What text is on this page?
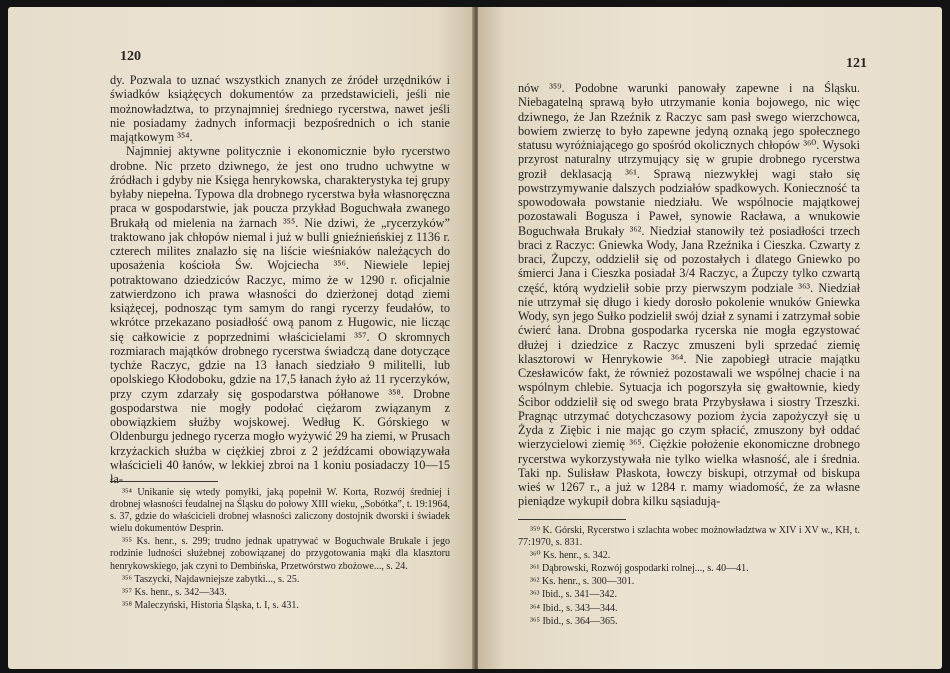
120

dy. Pozwala to uznać wszystkich znanych ze źródeł urzędników i świadków książęcych dokumentów za przedstawicieli, jeśli nie możnowładztwa, to przynajmniej średniego rycerstwa, nawet jeśli nie posiadamy żadnych informacji bezpośrednich o ich stanie majątkowym ³⁵⁴.

Najmniej aktywne politycznie i ekonomicznie było rycerstwo drobne. Nic przeto dziwnego, że jest ono trudno uchwytne w źródłach i gdyby nie Księga henrykowska, charakterystyka tej grupy byłaby niepełna. Typowa dla drobnego rycerstwa była własnoręczna praca w gospodarstwie, jak poucza przykład Boguchwała zwanego Brukałą od mielenia na żarnach ³⁵⁵. Nie dziwi, że „rycerzyków” traktowano jak chłopów niemal i już w bulli gnieźnieńskiej z 1136 r. czterech milites znalazło się na liście wieśniaków należących do uposażenia kościoła Św. Wojciecha ³⁵⁶. Niewiele lepiej potraktowano dziedziców Raczyc, mimo że w 1290 r. oficjalnie zatwierdzono ich prawa własności do dzierżonej dotąd ziemi książęcej, podnosząc tym samym do rangi rycerzy feudałów, to wkrótce przekazano posiadłość ową panom z Hugowic, nie licząc się całkowicie z poprzednimi właścicielami ³⁵⁷. O skromnych rozmiarach majątków drobnego rycerstwa świadczą dane dotyczące tychże Raczyc, gdzie na 13 łanach siedziało 9 militelli, lub opolskiego Kłodoboku, gdzie na 17,5 łanach żyło aż 11 rycerzyków, przy czym zdarzały się gospodarstwa półłanowe ³⁵⁸. Drobne gospodarstwa nie mogły podołać ciężarom związanym z obowiązkiem służby wojskowej. Według K. Górskiego w Oldenburgu jednego rycerza mogło wyżywić 29 ha ziemi, w Prusach krzyżackich służba w ciężkiej zbroi z 2 jeźdźcami obowiązywała właścicieli 40 łanów, w lekkiej zbroi na 1 koniu posiadaczy 10—15 ła-

³⁵⁴ Unikanie się wtedy pomyłki, jaką popełnił W. Korta, Rozwój średniej i drobnej własności feudalnej na Śląsku do połowy XIII wieku, „Sobótka”, t. 19:1964, s. 37, gdzie do właścicieli drobnej własności zaliczony dostojnik dworski i świadek wielu dokumentów Desprin.
³⁵⁵ Ks. henr., s. 299; trudno jednak upatrywać w Boguchwale Brukale i jego rodzinie ludności służebnej zobowiązanej do przygotowania mąki dla klasztoru henrykowskiego, jak czyni to Dembińska, Przetwórstwo zbożowe..., s. 24.
³⁵⁶ Taszycki, Najdawniejsze zabytki..., s. 25.
³⁵⁷ Ks. henr., s. 342—343.
³⁵⁸ Maleczyński, Historia Śląska, t. I, s. 431.
121

nów ³⁵⁹. Podobne warunki panowały zapewne i na Śląsku. Niebagatelną sprawą było utrzymanie konia bojowego, nic więc dziwnego, że Jan Rzeźnik z Raczyc sam pasł swego wierzchowca, bowiem zwierzę to było zapewne jedyną oznaką jego społecznego statusu wyróżniającego go spośród okolicznych chłopów ³⁶⁰. Wysoki przyrost naturalny utrzymujący się w grupie drobnego rycerstwa groził deklasacją ³⁶¹. Sprawą niezwykłej wagi stało się powstrzymywanie dalszych podziałów spadkowych. Konieczność ta spowodowała powstanie niedziału. We wspólnocie majątkowej pozostawali Bogusza i Paweł, synowie Racława, a wnukowie Boguchwała Brukały ³⁶². Niedział stanowiły też posiadłości trzech braci z Raczyc: Gniewka Wody, Jana Rzeźnika i Cieszka. Czwarty z braci, Żupczy, oddzielił się od pozostałych i dlatego Gniewko po śmierci Jana i Cieszka posiadał 3/4 Raczyc, a Żupczy tylko czwartą część, którą wydzielił sobie przy pierwszym podziale ³⁶³. Niedział nie utrzymał się długo i kiedy dorosło pokolenie wnuków Gniewka Wody, syn jego Sułko podzielił swój dział z synami i zatrzymał sobie ćwierć łana. Drobna gospodarka rycerska nie mogła egzystować dłużej i dziedzice z Raczyc zmuszeni byli sprzedać ziemię klasztorowi w Henrykowie ³⁶⁴. Nie zapobiegł utracie majątku Czesławiców fakt, że również pozostawali we wspólnej chacie i na wspólnym chlebie. Sytuacja ich pogorszyła się gwałtownie, kiedy Ścibor oddzielił się od swego brata Przybysława i siostry Trzeszki. Pragnąc utrzymać dotychczasowy poziom życia zapożyczył się u Żyda z Ziębic i nie mając go czym spłacić, zmuszony był oddać wierzycielowi ziemię ³⁶⁵. Ciężkie położenie ekonomiczne drobnego rycerstwa wykorzystywała nie tylko wielka własność, ale i średnia. Taki np. Sulisław Płaskota, łowczy biskupi, otrzymał od biskupa wieś w 1267 r., a już w 1284 r. mamy wiadomość, że za własne pieniądze wykupił dobra kilku sąsiadują-

³⁵⁹ K. Górski, Rycerstwo i szlachta wobec możnowładztwa w XIV i XV w., KH, t. 77:1970, s. 831.
³⁶⁰ Ks. henr., s. 342.
³⁶¹ Dąbrowski, Rozwój gospodarki rolnej..., s. 40—41.
³⁶² Ks. henr., s. 300—301.
³⁶³ Ibid., s. 341—342.
³⁶⁴ Ibid., s. 343—344.
³⁶⁵ Ibid., s. 364—365.
